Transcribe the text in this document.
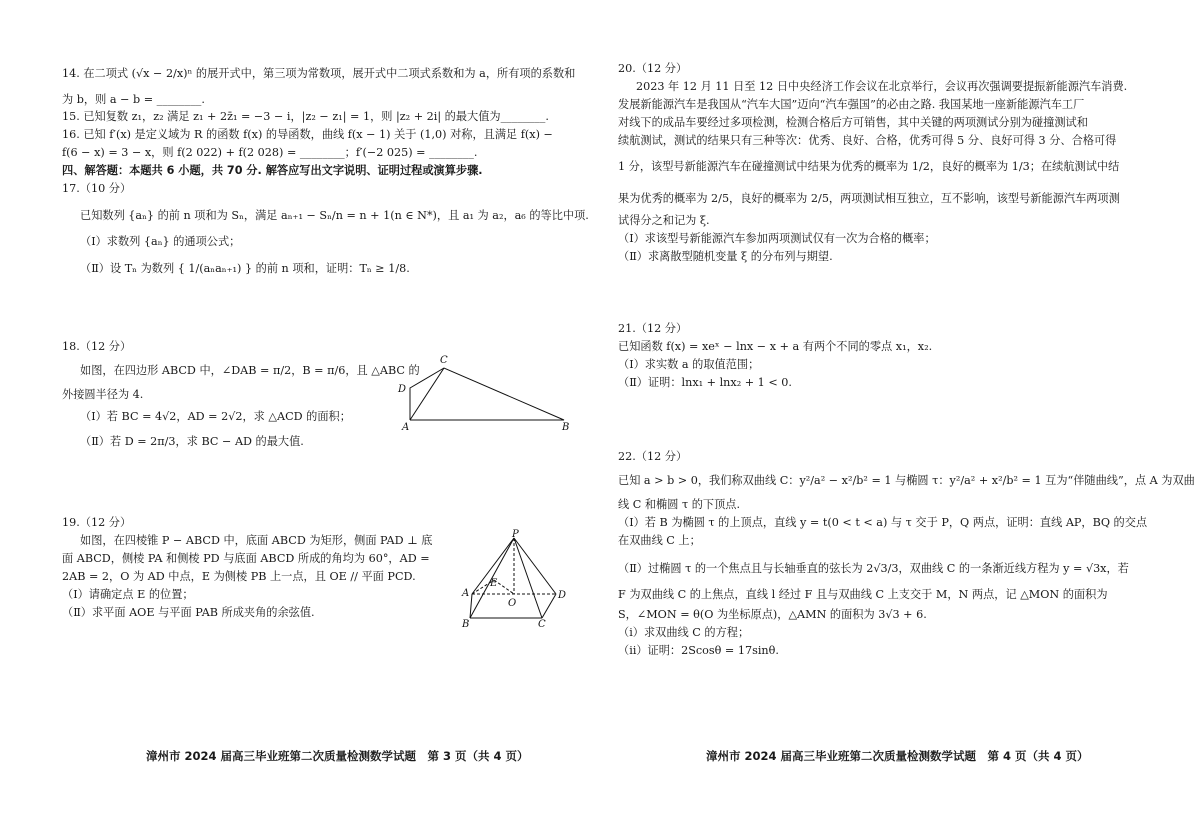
14. 在二项式 (√x − 2/x)ⁿ 的展开式中，第三项为常数项，展开式中二项式系数和为 a，所有项的系数和
为 b，则 a − b = ________.
15. 已知复数 z₁，z₂ 满足 z₁ + 2z̄₁ = −3 − i，|z₂ − z₁| = 1，则 |z₂ + 2i| 的最大值为________.
16. 已知 f′(x) 是定义域为 R 的函数 f(x) 的导函数，曲线 f(x − 1) 关于 (1,0) 对称，且满足 f(x) −
f(6 − x) = 3 − x，则 f(2 022) + f(2 028) = ________；f′(−2 025) = ________.
四、解答题：本题共 6 小题，共 70 分. 解答应写出文字说明、证明过程或演算步骤.
17.（10 分）
已知数列 {aₙ} 的前 n 项和为 Sₙ，满足 aₙ₊₁ − Sₙ/n = n + 1(n ∈ N*)，且 a₁ 为 a₂，a₆ 的等比中项.
（Ⅰ）求数列 {aₙ} 的通项公式；
（Ⅱ）设 Tₙ 为数列 { 1/(aₙaₙ₊₁) } 的前 n 项和，证明：Tₙ ≥ 1/8.
18.（12 分）
如图，在四边形 ABCD 中，∠DAB = π/2，B = π/6，且 △ABC 的
外接圆半径为 4.
（Ⅰ）若 BC = 4√2，AD = 2√2，求 △ACD 的面积；
（Ⅱ）若 D = 2π/3，求 BC − AD 的最大值.
19.（12 分）
如图，在四棱锥 P − ABCD 中，底面 ABCD 为矩形，侧面 PAD ⊥ 底
面 ABCD，侧棱 PA 和侧棱 PD 与底面 ABCD 所成的角均为 60°，AD =
2AB = 2，O 为 AD 中点，E 为侧棱 PB 上一点，且 OE // 平面 PCD.
（Ⅰ）请确定点 E 的位置；
（Ⅱ）求平面 AOE 与平面 PAB 所成夹角的余弦值.
A	B
C
D
P
A
B	C
D
E
O
漳州市 2024 届高三毕业班第二次质量检测数学试题　第 3 页（共 4 页）
20.（12 分）
2023 年 12 月 11 日至 12 日中央经济工作会议在北京举行，会议再次强调要提振新能源汽车消费.
发展新能源汽车是我国从“汽车大国”迈向“汽车强国”的必由之路. 我国某地一座新能源汽车工厂
对线下的成品车要经过多项检测，检测合格后方可销售，其中关键的两项测试分别为碰撞测试和
续航测试，测试的结果只有三种等次：优秀、良好、合格，优秀可得 5 分、良好可得 3 分、合格可得
1 分，该型号新能源汽车在碰撞测试中结果为优秀的概率为 1/2，良好的概率为 1/3；在续航测试中结
果为优秀的概率为 2/5，良好的概率为 2/5，两项测试相互独立，互不影响，该型号新能源汽车两项测
试得分之和记为 ξ.
（Ⅰ）求该型号新能源汽车参加两项测试仅有一次为合格的概率；
（Ⅱ）求离散型随机变量 ξ 的分布列与期望.
21.（12 分）
已知函数 f(x) = xeˣ − lnx − x + a 有两个不同的零点 x₁，x₂.
（Ⅰ）求实数 a 的取值范围；
（Ⅱ）证明：lnx₁ + lnx₂ + 1 < 0.
22.（12 分）
已知 a > b > 0，我们称双曲线 C：y²/a² − x²/b² = 1 与椭圆 τ：y²/a² + x²/b² = 1 互为“伴随曲线”，点 A 为双曲
线 C 和椭圆 τ 的下顶点.
（Ⅰ）若 B 为椭圆 τ 的上顶点，直线 y = t(0 < t < a) 与 τ 交于 P，Q 两点，证明：直线 AP，BQ 的交点
在双曲线 C 上；
（Ⅱ）过椭圆 τ 的一个焦点且与长轴垂直的弦长为 2√3/3，双曲线 C 的一条渐近线方程为 y = √3x，若
F 为双曲线 C 的上焦点，直线 l 经过 F 且与双曲线 C 上支交于 M，N 两点，记 △MON 的面积为
S，∠MON = θ(O 为坐标原点)，△AMN 的面积为 3√3 + 6.
（ⅰ）求双曲线 C 的方程；
（ⅱ）证明：2Scosθ = 17sinθ.
漳州市 2024 届高三毕业班第二次质量检测数学试题　第 4 页（共 4 页）
